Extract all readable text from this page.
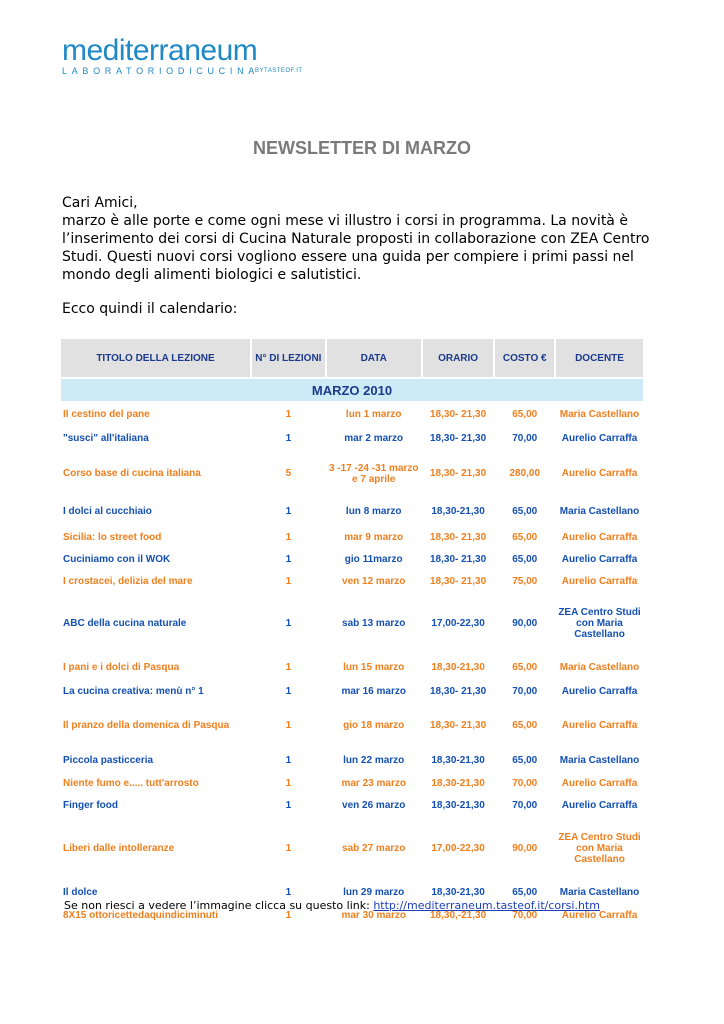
mediterraneum
$LABORATORIODICUCINA^{BYTASTEOF.IT}$
NEWSLETTER DI MARZO

Cari Amici,

marzo è alle porte e come ogni mese vi illustro i corsi in programma. La novità è l’inserimento dei corsi di Cucina Naturale proposti in collaborazione con ZEA Centro Studi. Questi nuovi corsi vogliono essere una guida per compiere i primi passi nel mondo degli alimenti biologici e salutistici.

Ecco quindi il calendario:
TITOLO DELLA LEZIONE	N° DI LEZIONI	DATA	ORARIO	COSTO €	DOCENTE
MARZO 2010					
Il cestino del pane	1	lun 1 marzo	18,30- 21,30	65,00	Maria Castellano
"susci" all'italiana	1	mar 2 marzo	18,30- 21,30	70,00	Aurelio Carraffa
Corso base di cucina italiana	5	3 -17 -24 -31 marzo e 7 aprile	18,30- 21,30	280,00	Aurelio Carraffa
I dolci al cucchiaio	1	lun 8 marzo	18,30-21,30	65,00	Maria Castellano
Sicilia: lo street food	1	mar 9 marzo	18,30- 21,30	65,00	Aurelio Carraffa
Cuciniamo con il WOK	1	gio 11marzo	18,30- 21,30	65,00	Aurelio Carraffa
I crostacei, delizia del mare	1	ven 12 marzo	18,30- 21,30	75,00	Aurelio Carraffa
ABC della cucina naturale	1	sab 13 marzo	17,00-22,30	90,00	ZEA Centro Studi con Maria Castellano
I pani e i dolci di Pasqua	1	lun 15 marzo	18,30-21,30	65,00	Maria Castellano
La cucina creativa: menù n° 1	1	mar 16 marzo	18,30- 21,30	70,00	Aurelio Carraffa
Il pranzo della domenica di Pasqua	1	gio 18 marzo	18,30- 21,30	65,00	Aurelio Carraffa
Piccola pasticceria	1	lun 22 marzo	18,30-21,30	65,00	Maria Castellano
Niente fumo e..... tutt'arrosto	1	mar 23 marzo	18,30-21,30	70,00	Aurelio Carraffa
Finger food	1	ven 26 marzo	18,30-21,30	70,00	Aurelio Carraffa
Liberi dalle intolleranze	1	sab 27 marzo	17,00-22,30	90,00	ZEA Centro Studi con Maria Castellano
Il dolce	1	lun 29 marzo	18,30-21,30	65,00	Maria Castellano
8X15 ottoricettedaquindiciminuti	1	mar 30 marzo	18,30,-21,30	70,00	Aurelio Carraffa
Se non riesci a vedere l’immagine clicca su questo link: http://mediterraneum.tasteof.it/corsi.htm
